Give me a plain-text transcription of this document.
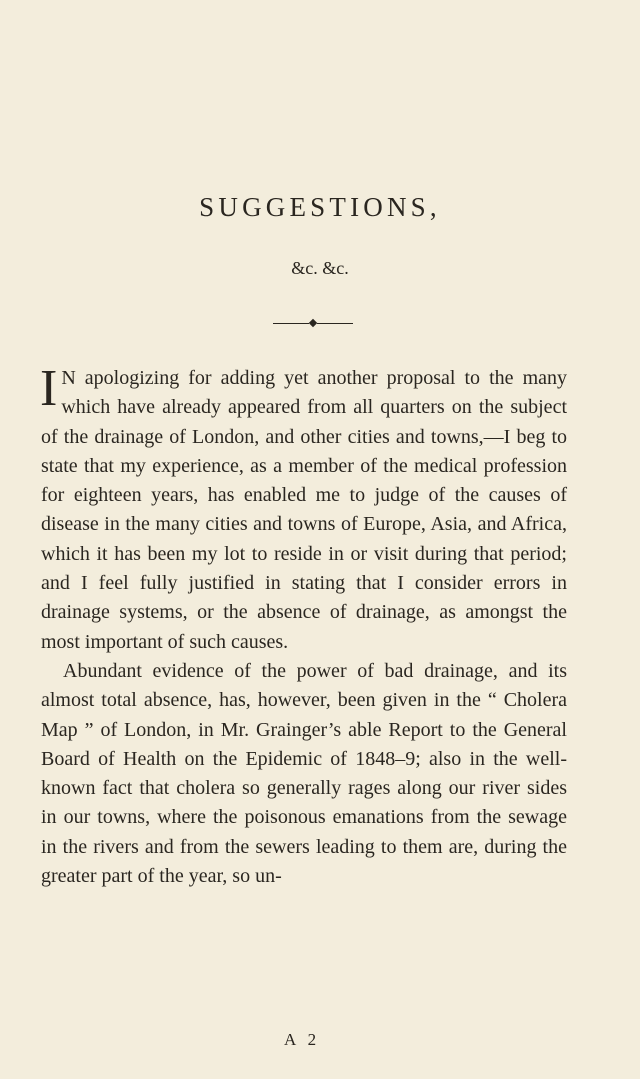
SUGGESTIONS,
&c. &c.

I N apologizing for adding yet another proposal to the many which have already appeared from all quarters on the subject of the drainage of London, and other cities and towns,—I beg to state that my experience, as a member of the medical profession for eighteen years, has enabled me to judge of the causes of disease in the many cities and towns of Europe, Asia, and Africa, which it has been my lot to reside in or visit during that period; and I feel fully justified in stating that I consider errors in drainage systems, or the absence of drainage, as amongst the most important of such causes.

Abundant evidence of the power of bad drainage, and its almost total absence, has, however, been given in the “ Cholera Map ” of London, in Mr. Grainger’s able Report to the General Board of Health on the Epidemic of 1848–9; also in the well-known fact that cholera so generally rages along our river sides in our towns, where the poisonous emanations from the sewage in the rivers and from the sewers leading to them are, during the greater part of the year, so un-

A 2
